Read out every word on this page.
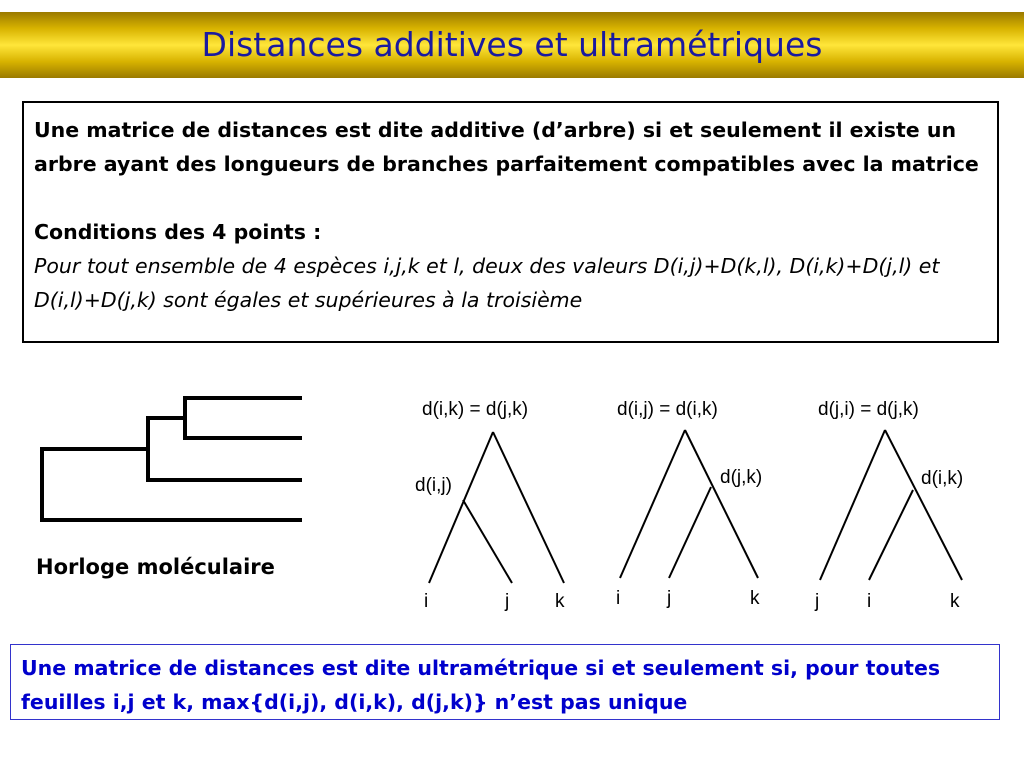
Distances additives et ultramétriques

Une matrice de distances est dite additive (d’arbre) si et seulement il existe un arbre ayant des longueurs de branches parfaitement compatibles avec la matrice

Conditions des 4 points :

Pour tout ensemble de 4 espèces i,j,k et l, deux des valeurs D(i,j)+D(k,l), D(i,k)+D(j,l) et D(i,l)+D(j,k) sont égales et supérieures à la troisième

d(i,k) = d(j,k)
d(i,j)
i	j k
d(i,j) = d(i,k)
d(j,k)
i j	k
d(j,i) = d(j,k)
d(i,k)
j	i	k
Horloge moléculaire

Une matrice de distances est dite ultramétrique si et seulement si, pour toutes feuilles i,j et k, max{d(i,j), d(i,k), d(j,k)} n’est pas unique
